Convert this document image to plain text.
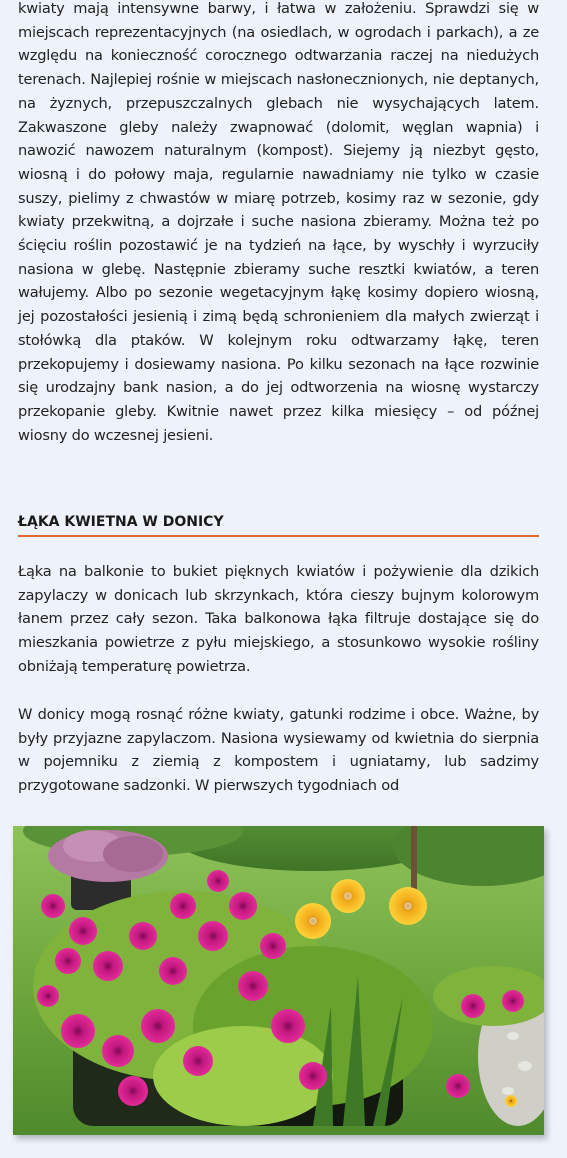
kwiaty mają intensywne barwy, i łatwa w założeniu. Sprawdzi się w miejscach reprezentacyjnych (na osiedlach, w ogrodach i parkach), a ze względu na konieczność corocznego odtwarzania raczej na niedużych terenach. Najlepiej rośnie w miejscach nasłonecznionych, nie deptanych, na żyznych, przepuszczalnych glebach nie wysychających latem. Zakwaszone gleby należy zwapnować (dolomit, węglan wapnia) i nawozić nawozem naturalnym (kompost). Siejemy ją niezbyt gęsto, wiosną i do połowy maja, regularnie nawadniamy nie tylko w czasie suszy, pielimy z chwastów w miarę potrzeb, kosimy raz w sezonie, gdy kwiaty przekwitną, a dojrzałe i suche nasiona zbieramy. Można też po ścięciu roślin pozostawić je na tydzień na łące, by wyschły i wyrzuciły nasiona w glebę. Następnie zbieramy suche resztki kwiatów, a teren wałujemy. Albo po sezonie wegetacyjnym łąkę kosimy dopiero wiosną, jej pozostałości jesienią i zimą będą schronieniem dla małych zwierząt i stołówką dla ptaków. W kolejnym roku odtwarzamy łąkę, teren przekopujemy i dosiewamy nasiona. Po kilku sezonach na łące rozwinie się urodzajny bank nasion, a do jej odtworzenia na wiosnę wystarczy przekopanie gleby. Kwitnie nawet przez kilka miesięcy – od późnej wiosny do wczesnej jesieni.

ŁĄKA KWIETNA W DONICY

Łąka na balkonie to bukiet pięknych kwiatów i pożywienie dla dzikich zapylaczy w donicach lub skrzynkach, która cieszy bujnym kolorowym łanem przez cały sezon. Taka balkonowa łąka filtruje dostające się do mieszkania powietrze z pyłu miejskiego, a stosunkowo wysokie rośliny obniżają temperaturę powietrza.

W donicy mogą rosnąć różne kwiaty, gatunki rodzime i obce. Ważne, by były przyjazne zapylaczom. Nasiona wysiewamy od kwietnia do sierpnia w pojemniku z ziemią z kompostem i ugniatamy, lub sadzimy przygotowane sadzonki. W pierwszych tygodniach od
